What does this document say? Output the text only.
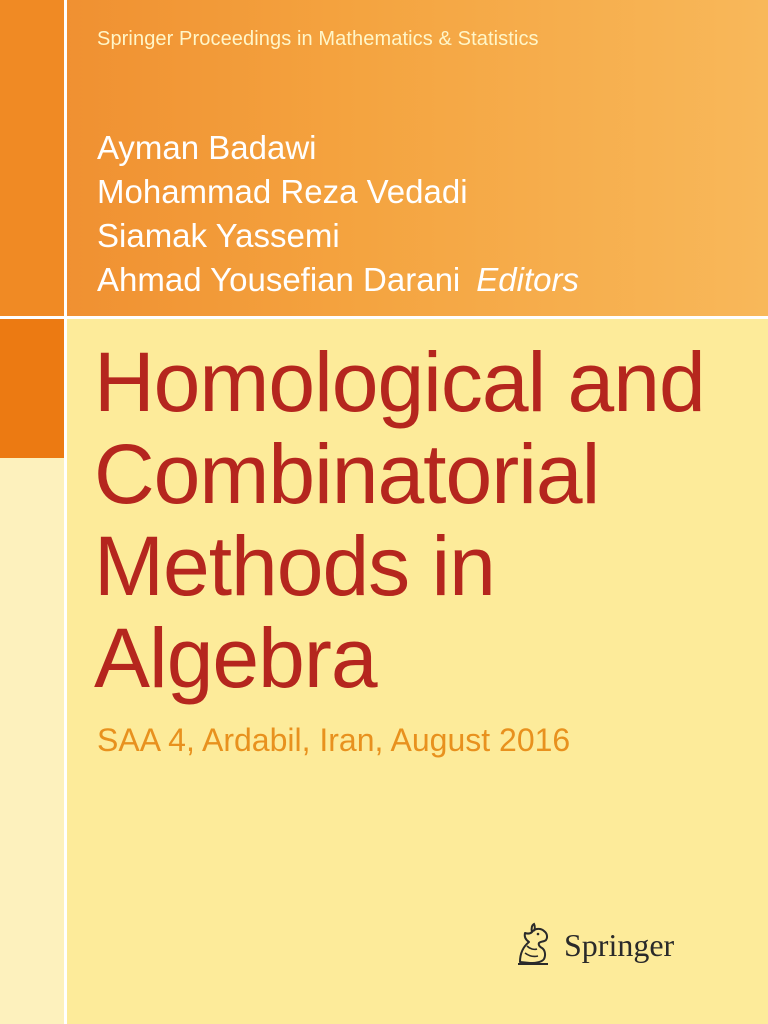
Springer Proceedings in Mathematics & Statistics
Ayman Badawi
Mohammad Reza Vedadi
Siamak Yassemi
Ahmad Yousefian Darani Editors
Homological and
Combinatorial
Methods in
Algebra
SAA 4, Ardabil, Iran, August 2016
Springer
